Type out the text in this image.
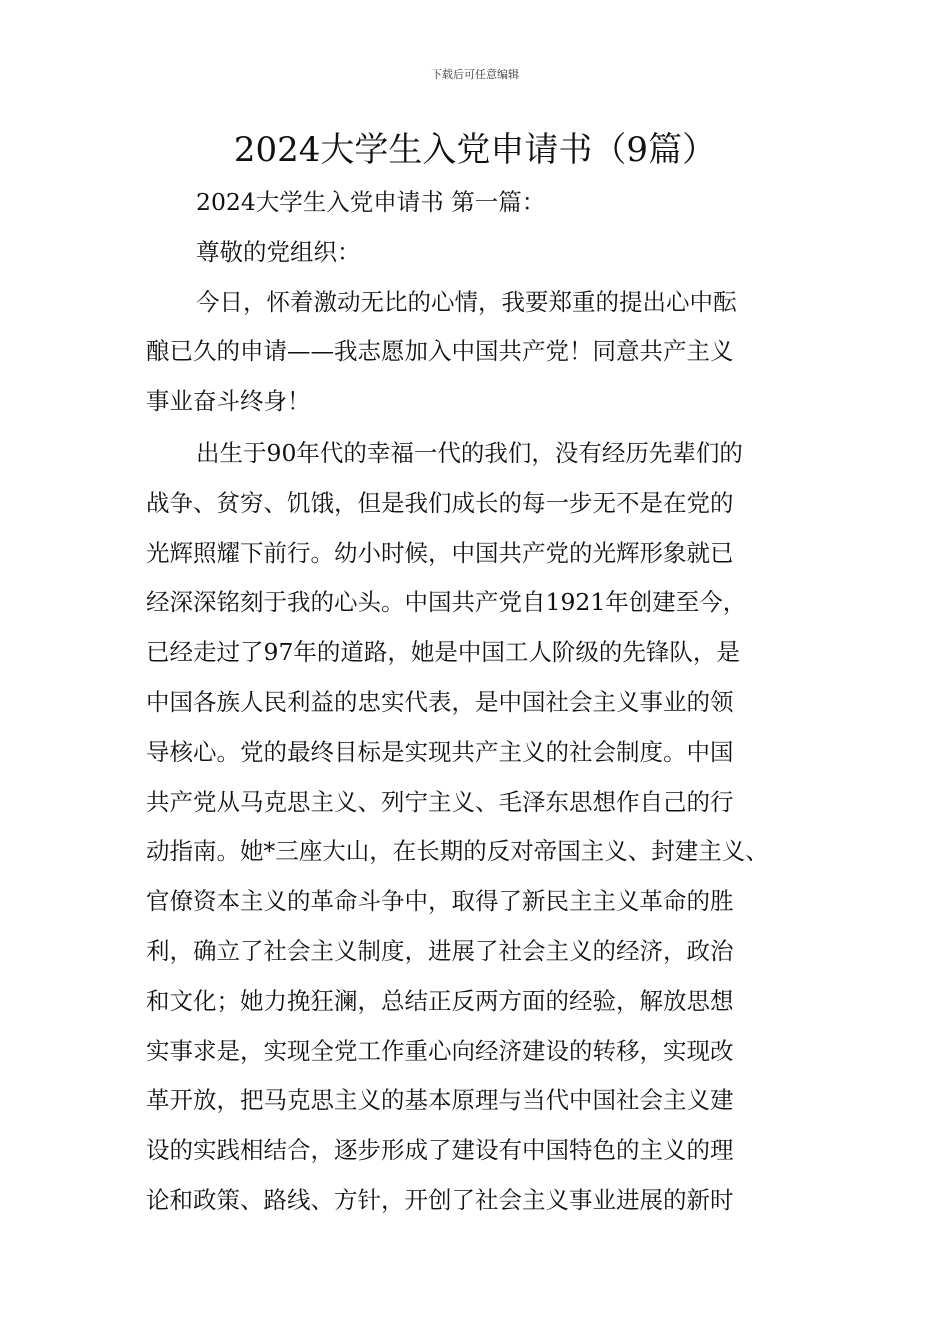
下载后可任意编辑
2024大学生入党申请书（9篇）

2024大学生入党申请书 第一篇：

尊敬的党组织：

今日，怀着激动无比的心情，我要郑重的提出心中酝
酿已久的申请——我志愿加入中国共产党！同意共产主义
事业奋斗终身！
出生于90年代的幸福一代的我们，没有经历先辈们的
战争、贫穷、饥饿，但是我们成长的每一步无不是在党的
光辉照耀下前行。幼小时候，中国共产党的光辉形象就已
经深深铭刻于我的心头。中国共产党自1921年创建至今，
已经走过了97年的道路，她是中国工人阶级的先锋队，是
中国各族人民利益的忠实代表，是中国社会主义事业的领
导核心。党的最终目标是实现共产主义的社会制度。中国
共产党从马克思主义、列宁主义、毛泽东思想作自己的行
动指南。她*三座大山，在长期的反对帝国主义、封建主义、
官僚资本主义的革命斗争中，取得了新民主主义革命的胜
利，确立了社会主义制度，进展了社会主义的经济，政治
和文化；她力挽狂澜，总结正反两方面的经验，解放思想
实事求是，实现全党工作重心向经济建设的转移，实现改
革开放，把马克思主义的基本原理与当代中国社会主义建
设的实践相结合，逐步形成了建设有中国特色的主义的理
论和政策、路线、方针，开创了社会主义事业进展的新时
